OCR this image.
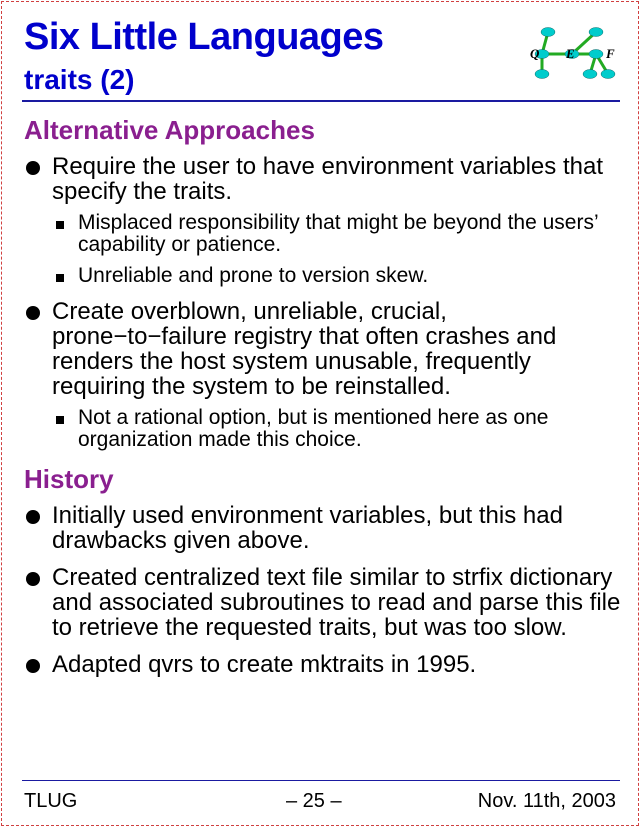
Six Little Languages
traits (2)
Q E F
Alternative Approaches
Require the user to have environment variables that specify the traits.
Misplaced responsibility that might be beyond the users’ capability or patience.
Unreliable and prone to version skew.
Create overblown, unreliable, crucial, prone−to−failure registry that often crashes and renders the host system unusable, frequently requiring the system to be reinstalled.
Not a rational option, but is mentioned here as one organization made this choice.
History
Initially used environment variables, but this had drawbacks given above.
Created centralized text file similar to strfix dictionary and associated subroutines to read and parse this file to retrieve the requested traits, but was too slow.
Adapted qvrs to create mktraits in 1995.
TLUG	– 25 –	Nov. 11th, 2003
